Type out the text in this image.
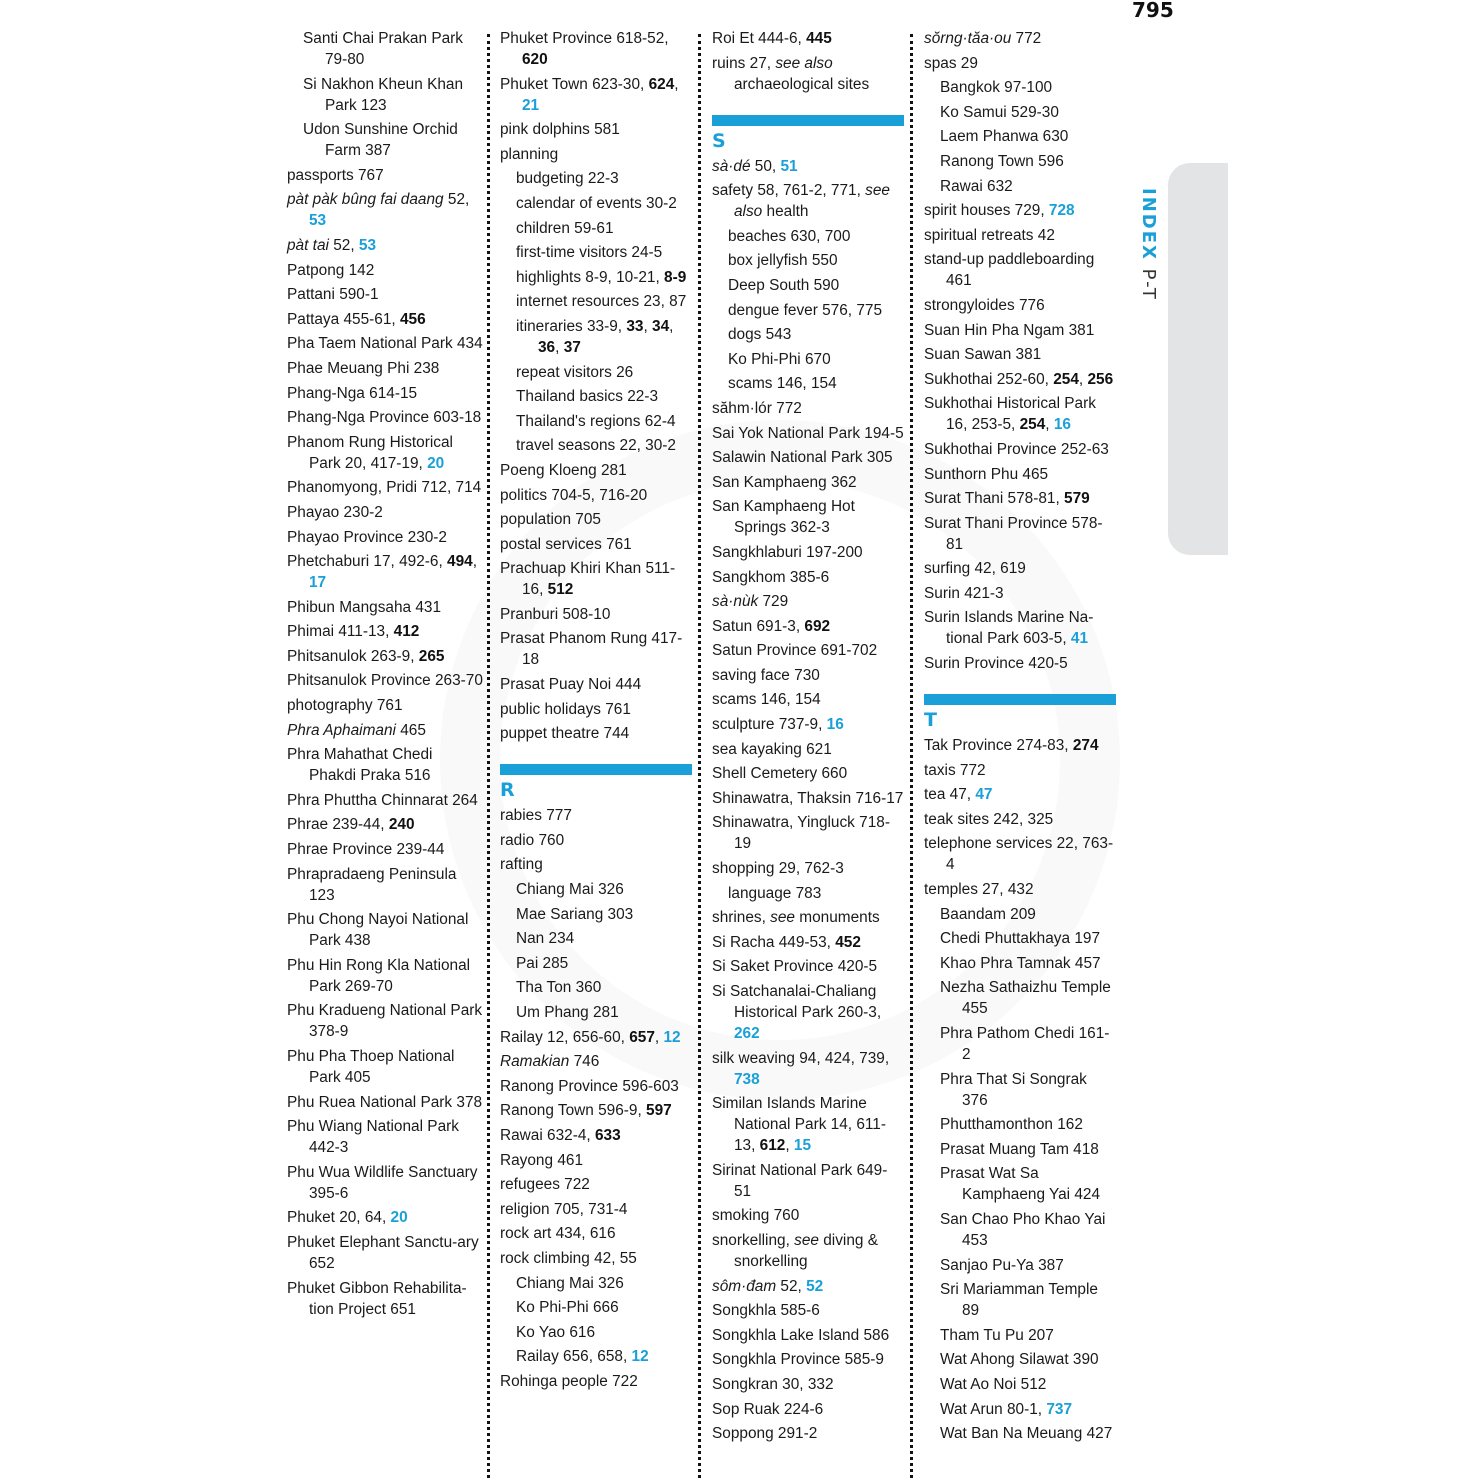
795
INDEX P-T
Santi Chai Prakan Park 79-80
Si Nakhon Kheun Khan Park 123
Udon Sunshine Orchid Farm 387
passports 767
pàt pàk bûng fai daang 52, 53
pàt tai 52, 53
Patpong 142
Pattani 590-1
Pattaya 455-61, 456
Pha Taem National Park 434
Phae Meuang Phi 238
Phang-Nga 614-15
Phang-Nga Province 603-18
Phanom Rung Historical Park 20, 417-19, 20
Phanomyong, Pridi 712, 714
Phayao 230-2
Phayao Province 230-2
Phetchaburi 17, 492-6, 494, 17
Phibun Mangsaha 431
Phimai 411-13, 412
Phitsanulok 263-9, 265
Phitsanulok Province 263-70
photography 761
Phra Aphaimani 465
Phra Mahathat Chedi Phakdi Praka 516
Phra Phuttha Chinnarat 264
Phrae 239-44, 240
Phrae Province 239-44
Phrapradaeng Peninsula 123
Phu Chong Nayoi National Park 438
Phu Hin Rong Kla National Park 269-70
Phu Kradueng National Park 378-9
Phu Pha Thoep National Park 405
Phu Ruea National Park 378
Phu Wiang National Park 442-3
Phu Wua Wildlife Sanctuary 395-6
Phuket 20, 64, 20
Phuket Elephant Sanctu-ary 652
Phuket Gibbon Rehabilita-tion Project 651
Phuket Province 618-52, 620
Phuket Town 623-30, 624, 21
pink dolphins 581
planning
budgeting 22-3
calendar of events 30-2
children 59-61
first-time visitors 24-5
highlights 8-9, 10-21, 8-9
internet resources 23, 87
itineraries 33-9, 33, 34, 36, 37
repeat visitors 26
Thailand basics 22-3
Thailand's regions 62-4
travel seasons 22, 30-2
Poeng Kloeng 281
politics 704-5, 716-20
population 705
postal services 761
Prachuap Khiri Khan 511-16, 512
Pranburi 508-10
Prasat Phanom Rung 417-18
Prasat Puay Noi 444
public holidays 761
puppet theatre 744
R
rabies 777
radio 760
rafting
Chiang Mai 326
Mae Sariang 303
Nan 234
Pai 285
Tha Ton 360
Um Phang 281
Railay 12, 656-60, 657, 12
Ramakian 746
Ranong Province 596-603
Ranong Town 596-9, 597
Rawai 632-4, 633
Rayong 461
refugees 722
religion 705, 731-4
rock art 434, 616
rock climbing 42, 55
Chiang Mai 326
Ko Phi-Phi 666
Ko Yao 616
Railay 656, 658, 12
Rohinga people 722
Roi Et 444-6, 445
ruins 27, see also archaeological sites
S
sà·dé 50, 51
safety 58, 761-2, 771, see also health
beaches 630, 700
box jellyfish 550
Deep South 590
dengue fever 576, 775
dogs 543
Ko Phi-Phi 670
scams 146, 154
săhm·lór 772
Sai Yok National Park 194-5
Salawin National Park 305
San Kamphaeng 362
San Kamphaeng Hot Springs 362-3
Sangkhlaburi 197-200
Sangkhom 385-6
sà·nùk 729
Satun 691-3, 692
Satun Province 691-702
saving face 730
scams 146, 154
sculpture 737-9, 16
sea kayaking 621
Shell Cemetery 660
Shinawatra, Thaksin 716-17
Shinawatra, Yingluck 718-19
shopping 29, 762-3
language 783
shrines, see monuments
Si Racha 449-53, 452
Si Saket Province 420-5
Si Satchanalai-Chaliang Historical Park 260-3, 262
silk weaving 94, 424, 739, 738
Similan Islands Marine National Park 14, 611-13, 612, 15
Sirinat National Park 649-51
smoking 760
snorkelling, see diving & snorkelling
sôm·đam 52, 52
Songkhla 585-6
Songkhla Lake Island 586
Songkhla Province 585-9
Songkran 30, 332
Sop Ruak 224-6
Soppong 291-2
sŏrng·tăa·ou 772
spas 29
Bangkok 97-100
Ko Samui 529-30
Laem Phanwa 630
Ranong Town 596
Rawai 632
spirit houses 729, 728
spiritual retreats 42
stand-up paddleboarding 461
strongyloides 776
Suan Hin Pha Ngam 381
Suan Sawan 381
Sukhothai 252-60, 254, 256
Sukhothai Historical Park 16, 253-5, 254, 16
Sukhothai Province 252-63
Sunthorn Phu 465
Surat Thani 578-81, 579
Surat Thani Province 578-81
surfing 42, 619
Surin 421-3
Surin Islands Marine Na-tional Park 603-5, 41
Surin Province 420-5
T
Tak Province 274-83, 274
taxis 772
tea 47, 47
teak sites 242, 325
telephone services 22, 763-4
temples 27, 432
Baandam 209
Chedi Phuttakhaya 197
Khao Phra Tamnak 457
Nezha Sathaizhu Temple 455
Phra Pathom Chedi 161-2
Phra That Si Songrak 376
Phutthamonthon 162
Prasat Muang Tam 418
Prasat Wat Sa Kamphaeng Yai 424
San Chao Pho Khao Yai 453
Sanjao Pu-Ya 387
Sri Mariamman Temple 89
Tham Tu Pu 207
Wat Ahong Silawat 390
Wat Ao Noi 512
Wat Arun 80-1, 737
Wat Ban Na Meuang 427
